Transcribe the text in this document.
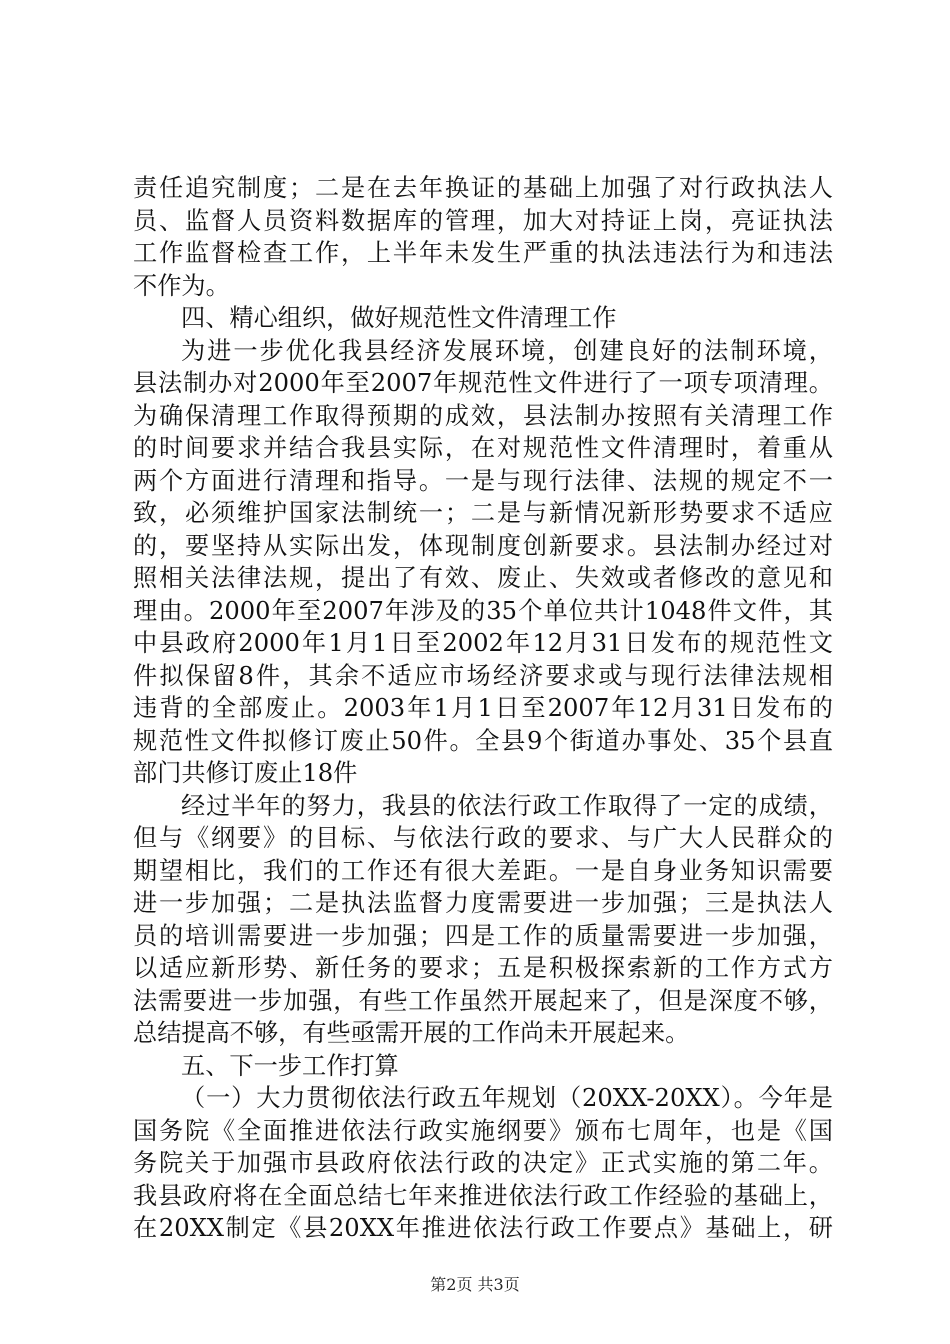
责任追究制度；二是在去年换证的基础上加强了对行政执法人
员、监督人员资料数据库的管理，加大对持证上岗，亮证执法
工作监督检查工作，上半年未发生严重的执法违法行为和违法
不作为。
四、精心组织，做好规范性文件清理工作
为进一步优化我县经济发展环境，创建良好的法制环境，
县法制办对2000年至2007年规范性文件进行了一项专项清理。
为确保清理工作取得预期的成效，县法制办按照有关清理工作
的时间要求并结合我县实际，在对规范性文件清理时，着重从
两个方面进行清理和指导。一是与现行法律、法规的规定不一
致，必须维护国家法制统一；二是与新情况新形势要求不适应
的，要坚持从实际出发，体现制度创新要求。县法制办经过对
照相关法律法规，提出了有效、废止、失效或者修改的意见和
理由。2000年至2007年涉及的35个单位共计1048件文件，其
中县政府2000年1月1日至2002年12月31日发布的规范性文
件拟保留8件，其余不适应市场经济要求或与现行法律法规相
违背的全部废止。2003年1月1日至2007年12月31日发布的
规范性文件拟修订废止50件。全县9个街道办事处、35个县直
部门共修订废止18件
经过半年的努力，我县的依法行政工作取得了一定的成绩，
但与《纲要》的目标、与依法行政的要求、与广大人民群众的
期望相比，我们的工作还有很大差距。一是自身业务知识需要
进一步加强；二是执法监督力度需要进一步加强；三是执法人
员的培训需要进一步加强；四是工作的质量需要进一步加强，
以适应新形势、新任务的要求；五是积极探索新的工作方式方
法需要进一步加强，有些工作虽然开展起来了，但是深度不够，
总结提高不够，有些亟需开展的工作尚未开展起来。
五、下一步工作打算
（一）大力贯彻依法行政五年规划（20XX-20XX）。今年是
国务院《全面推进依法行政实施纲要》颁布七周年，也是《国
务院关于加强市县政府依法行政的决定》正式实施的第二年。
我县政府将在全面总结七年来推进依法行政工作经验的基础上，
在20XX制定《县20XX年推进依法行政工作要点》基础上，研
第2页 共3页
